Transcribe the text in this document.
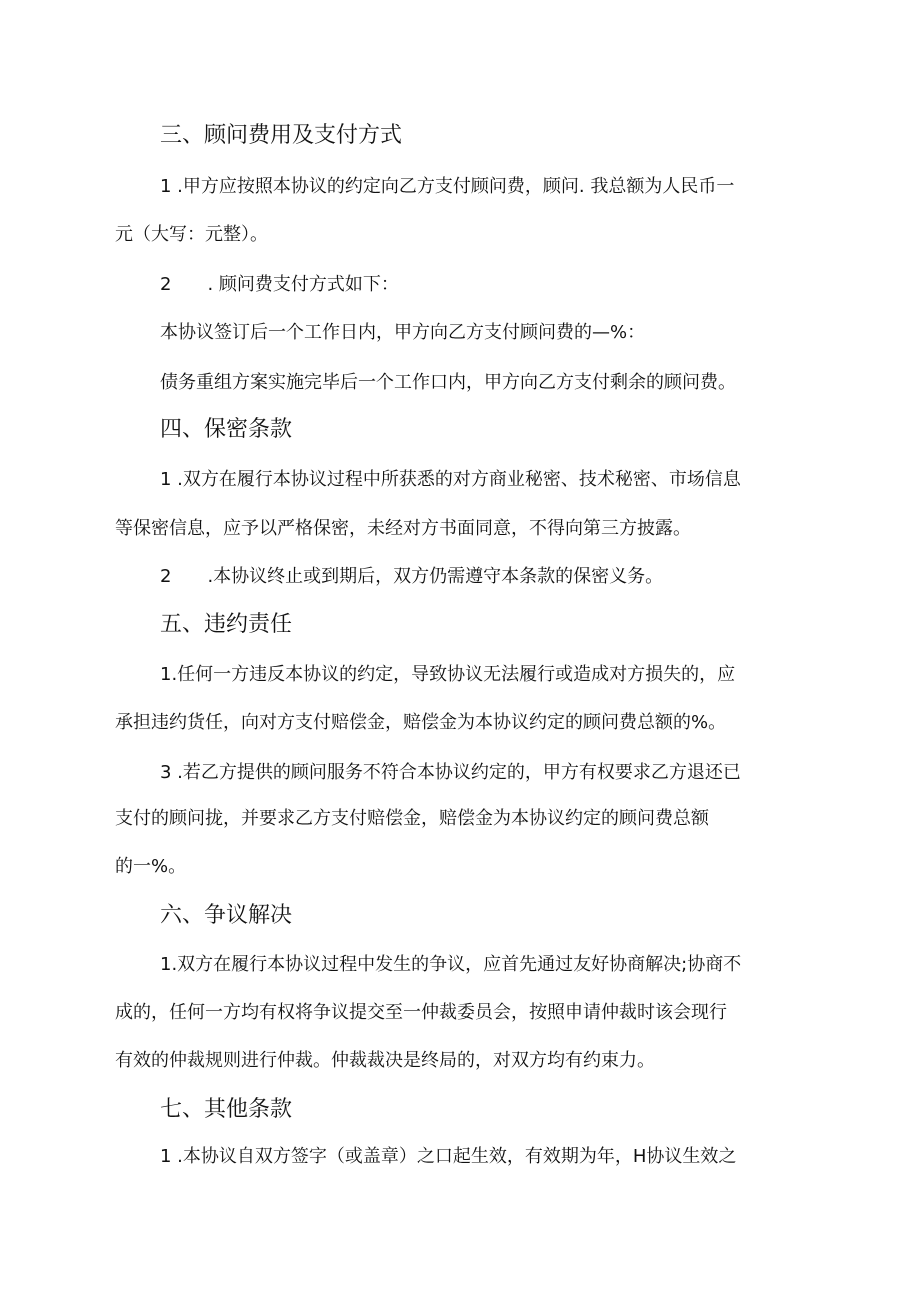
三、顾问费用及支付方式

1 .甲方应按照本协议的约定向乙方支付顾问费，顾问. 我总额为人民币一

元（大写：元整）。

2　　. 顾问费支付方式如下：

本协议签订后一个工作日内，甲方向乙方支付顾问费的—%：

债务重组方案实施完毕后一个工作口内，甲方向乙方支付剩余的顾问费。

四、保密条款

1 .双方在履行本协议过程中所获悉的对方商业秘密、技术秘密、市场信息

等保密信息，应予以严格保密，未经对方书面同意，不得向第三方披露。

2　　.本协议终止或到期后，双方仍需遵守本条款的保密义务。

五、违约责任

1.任何一方违反本协议的约定，导致协议无法履行或造成对方损失的，应

承担违约货任，向对方支付赔偿金，赔偿金为本协议约定的顾问费总额的%。

3 .若乙方提供的顾问服务不符合本协议约定的，甲方有权要求乙方退还已

支付的顾问拢，并要求乙方支付赔偿金，赔偿金为本协议约定的顾问费总额

的一%。

六、争议解决

1.双方在履行本协议过程中发生的争议，应首先通过友好协商解决;协商不

成的，任何一方均有权将争议提交至一仲裁委员会，按照申请仲裁时该会现行

有效的仲裁规则进行仲裁。仲裁裁决是终局的，对双方均有约束力。

七、其他条款

1 .本协议自双方签字（或盖章）之口起生效，有效期为年，H协议生效之
